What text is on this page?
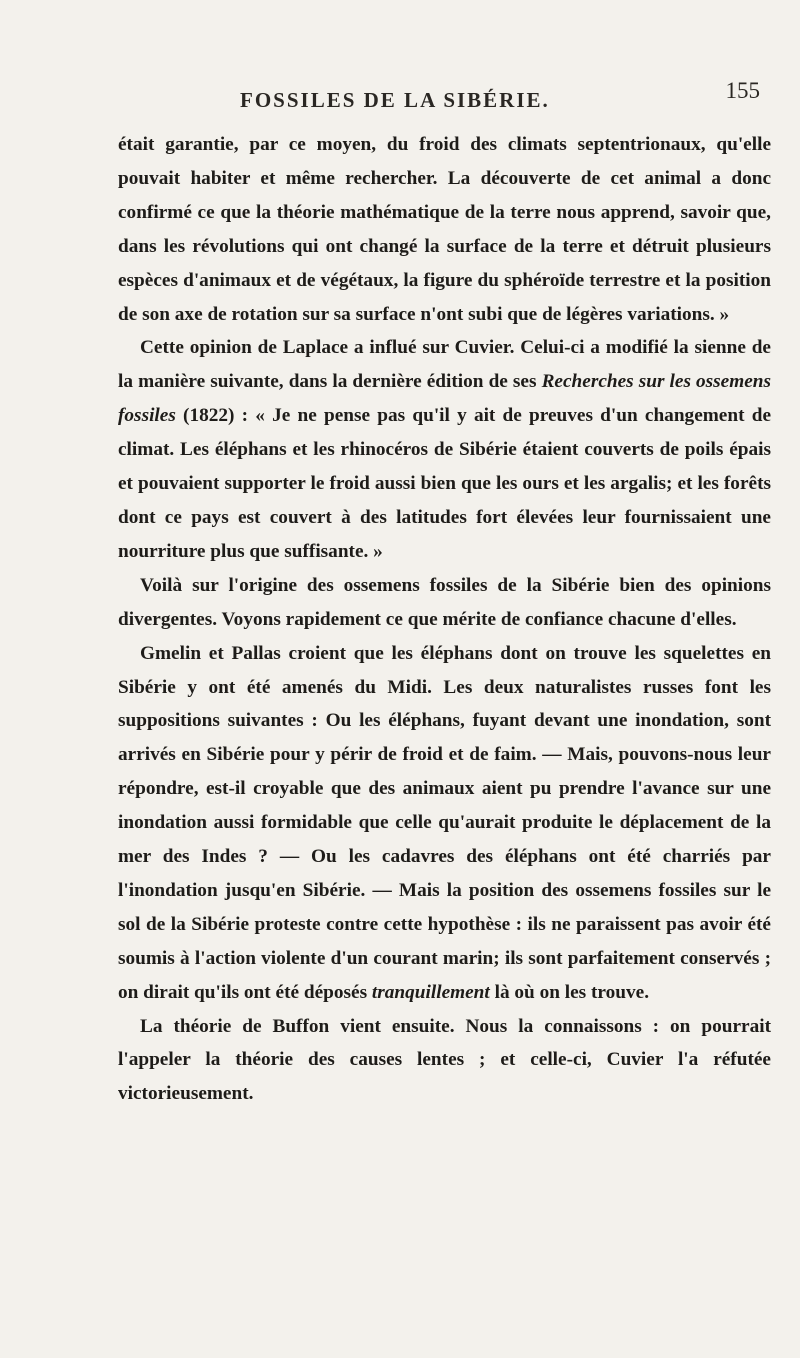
FOSSILES DE LA SIBÉRIE.	155

était garantie, par ce moyen, du froid des climats septentrionaux, qu'elle pouvait habiter et même rechercher. La découverte de cet animal a donc confirmé ce que la théorie mathématique de la terre nous apprend, savoir que, dans les révolutions qui ont changé la surface de la terre et détruit plusieurs espèces d'animaux et de végétaux, la figure du sphéroïde terrestre et la position de son axe de rotation sur sa surface n'ont subi que de légères variations. »

Cette opinion de Laplace a influé sur Cuvier. Celui-ci a modifié la sienne de la manière suivante, dans la dernière édition de ses Recherches sur les ossemens fossiles (1822) : « Je ne pense pas qu'il y ait de preuves d'un changement de climat. Les éléphans et les rhinocéros de Sibérie étaient couverts de poils épais et pouvaient supporter le froid aussi bien que les ours et les argalis; et les forêts dont ce pays est couvert à des latitudes fort élevées leur fournissaient une nourriture plus que suffisante. »

Voilà sur l'origine des ossemens fossiles de la Sibérie bien des opinions divergentes. Voyons rapidement ce que mérite de confiance chacune d'elles.

Gmelin et Pallas croient que les éléphans dont on trouve les squelettes en Sibérie y ont été amenés du Midi. Les deux naturalistes russes font les suppositions suivantes : Ou les éléphans, fuyant devant une inondation, sont arrivés en Sibérie pour y périr de froid et de faim. — Mais, pouvons-nous leur répondre, est-il croyable que des animaux aient pu prendre l'avance sur une inondation aussi formidable que celle qu'aurait produite le déplacement de la mer des Indes ? — Ou les cadavres des éléphans ont été charriés par l'inondation jusqu'en Sibérie. — Mais la position des ossemens fossiles sur le sol de la Sibérie proteste contre cette hypothèse : ils ne paraissent pas avoir été soumis à l'action violente d'un courant marin; ils sont parfaitement conservés ; on dirait qu'ils ont été déposés tranquillement là où on les trouve.

La théorie de Buffon vient ensuite. Nous la connaissons : on pourrait l'appeler la théorie des causes lentes ; et celle-ci, Cuvier l'a réfutée victorieusement.
